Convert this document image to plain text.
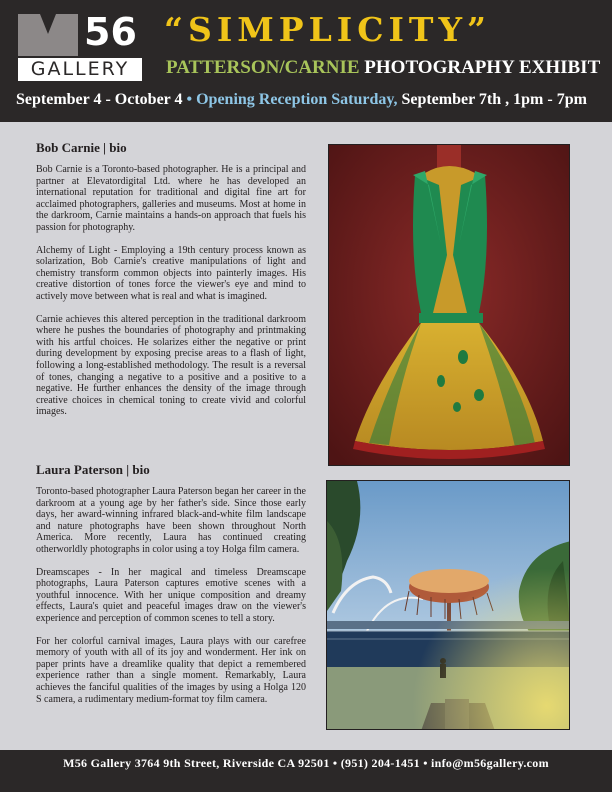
56
GALLERY
“SIMPLICITY”
PATTERSON/CARNIE PHOTOGRAPHY EXHIBIT
September 4 - October 4 • Opening Reception Saturday, September 7th , 1pm - 7pm
Bob Carnie | bio

Bob Carnie is a Toronto-based photographer. He is a principal and partner at Elevatordigital Ltd. where he has developed an international reputation for traditional and digital fine art for acclaimed photographers, galleries and museums. Most at home in the darkroom, Carnie maintains a hands-on approach that fuels his passion for photography.

Alchemy of Light - Employing a 19th century process known as solarization, Bob Carnie's creative manipulations of light and chemistry transform common objects into painterly images. His creative distortion of tones force the viewer's eye and mind to actively move between what is real and what is imagined.

Carnie achieves this altered perception in the traditional darkroom where he pushes the boundaries of photography and printmaking with his artful choices. He solarizes either the negative or print during development by exposing precise areas to a flash of light, following a long-established methodology. The result is a reversal of tones, changing a negative to a positive and a positive to a negative. He further enhances the density of the image through creative choices in chemical toning to create vivid and colorful images.

Laura Paterson | bio

Toronto-based photographer Laura Paterson began her career in the darkroom at a young age by her father's side. Since those early days, her award-winning infrared black-and-white film landscape and nature photographs have been shown throughout North America. More recently, Laura has continued creating otherworldly photographs in color using a toy Holga film camera.

Dreamscapes - In her magical and timeless Dreamscape photographs, Laura Paterson captures emotive scenes with a youthful innocence. With her unique composition and dreamy effects, Laura's quiet and peaceful images draw on the viewer's experience and perception of common scenes to tell a story.

For her colorful carnival images, Laura plays with our carefree memory of youth with all of its joy and wonderment. Her ink on paper prints have a dreamlike quality that depict a remembered experience rather than a single moment. Remarkably, Laura achieves the fanciful qualities of the images by using a Holga 120 S camera, a rudimentary medium-format toy film camera.

M56 Gallery 3764 9th Street, Riverside CA 92501 • (951) 204-1451 • info@m56gallery.com
